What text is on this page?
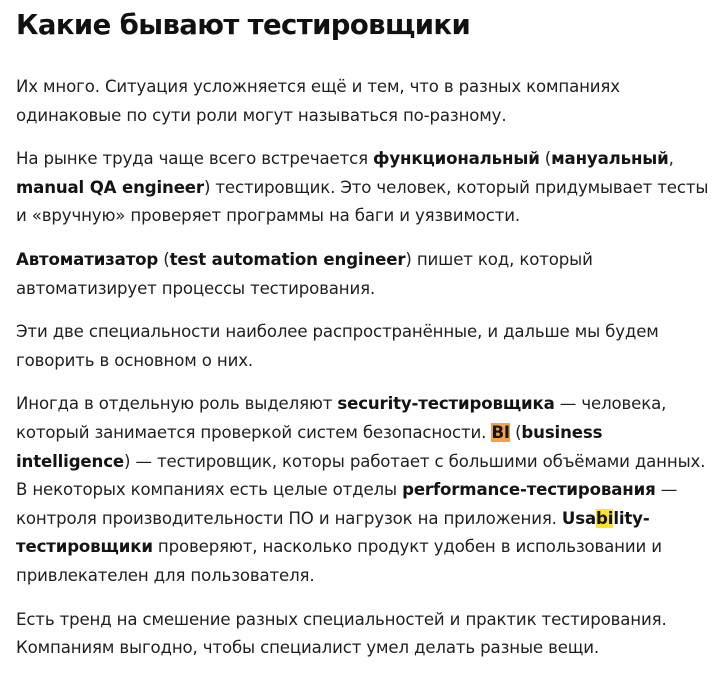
Какие бывают тестировщики

Их много. Ситуация усложняется ещё и тем, что в разных компаниях одинаковые по сути роли могут называться по-разному.

На рынке труда чаще всего встречается функциональный (мануальный, manual QA engineer) тестировщик. Это человек, который придумывает тесты и «вручную» проверяет программы на баги и уязвимости.

Автоматизатор (test automation engineer) пишет код, который автоматизирует процессы тестирования.

Эти две специальности наиболее распространённые, и дальше мы будем говорить в основном о них.

Иногда в отдельную роль выделяют security-тестировщика — человека, который занимается проверкой систем безопасности. BI (business intelligence) — тестировщик, которы работает с большими объёмами данных. В некоторых компаниях есть целые отделы performance-тестирования — контроля производительности ПО и нагрузок на приложения. Usability-тестировщики проверяют, насколько продукт удобен в использовании и привлекателен для пользователя.

Есть тренд на смешение разных специальностей и практик тестирования. Компаниям выгодно, чтобы специалист умел делать разные вещи.
